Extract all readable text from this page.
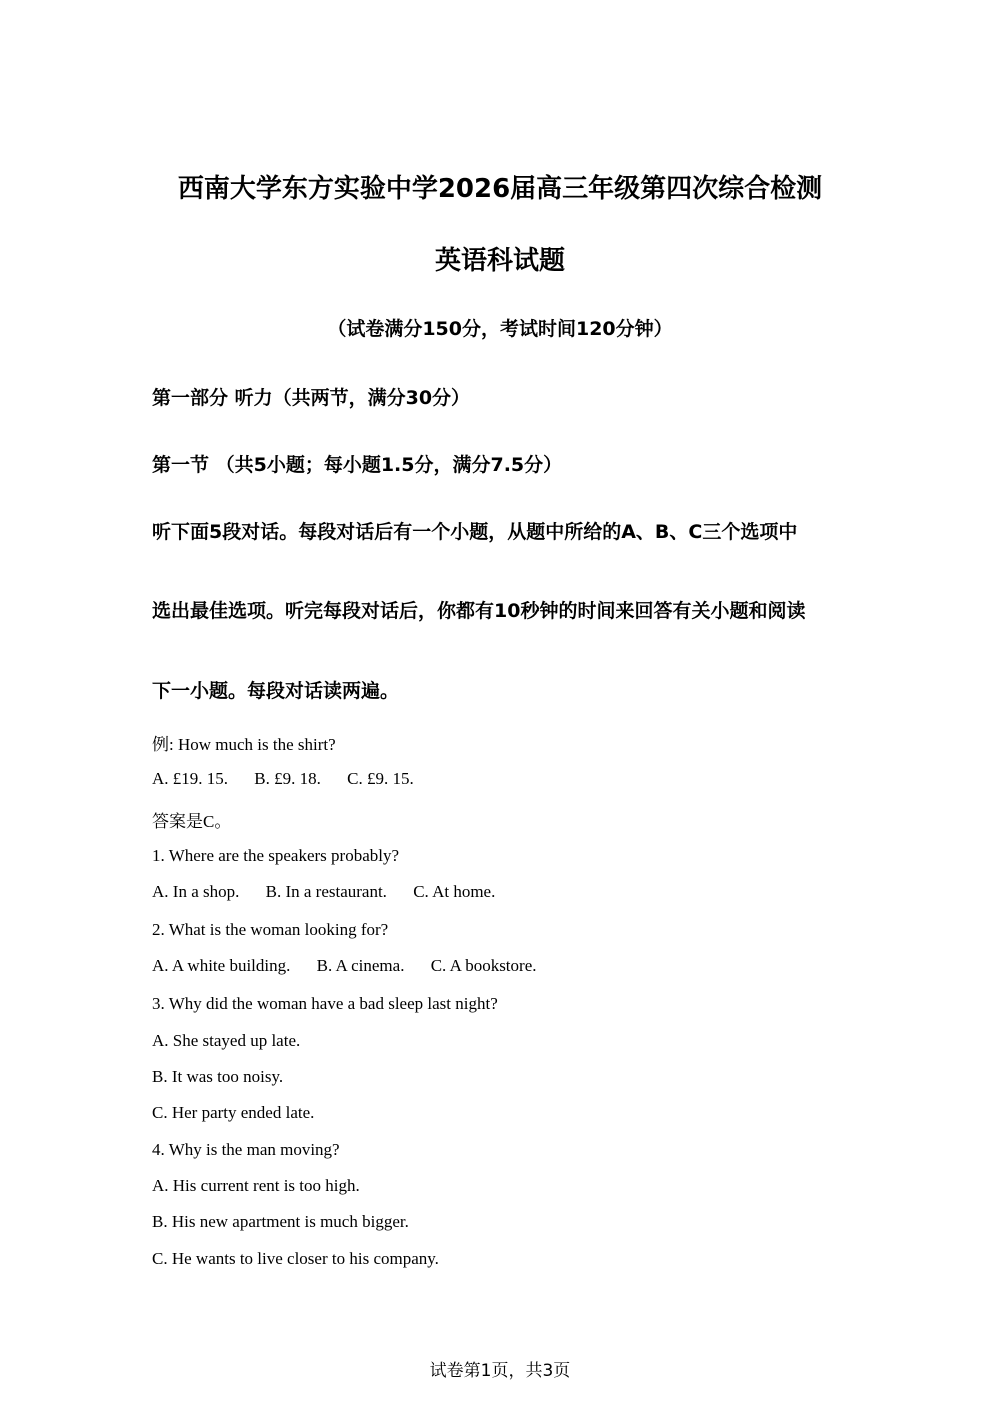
西南大学东方实验中学2026届高三年级第四次综合检测
英语科试题
（试卷满分150分，考试时间120分钟）
第一部分 听力（共两节，满分30分）
第一节 （共5小题；每小题1.5分，满分7.5分）
听下面5段对话。每段对话后有一个小题，从题中所给的A、B、C三个选项中
选出最佳选项。听完每段对话后，你都有10秒钟的时间来回答有关小题和阅读
下一小题。每段对话读两遍。
例: How much is the shirt?
A. £19. 15. B. £9. 18. C. £9. 15.
答案是C。
1. Where are the speakers probably?
A. In a shop. B. In a restaurant. C. At home.
2. What is the woman looking for?
A. A white building. B. A cinema. C. A bookstore.
3. Why did the woman have a bad sleep last night?
A. She stayed up late.
B. It was too noisy.
C. Her party ended late.
4. Why is the man moving?
A. His current rent is too high.
B. His new apartment is much bigger.
C. He wants to live closer to his company.
试卷第1页，共3页
